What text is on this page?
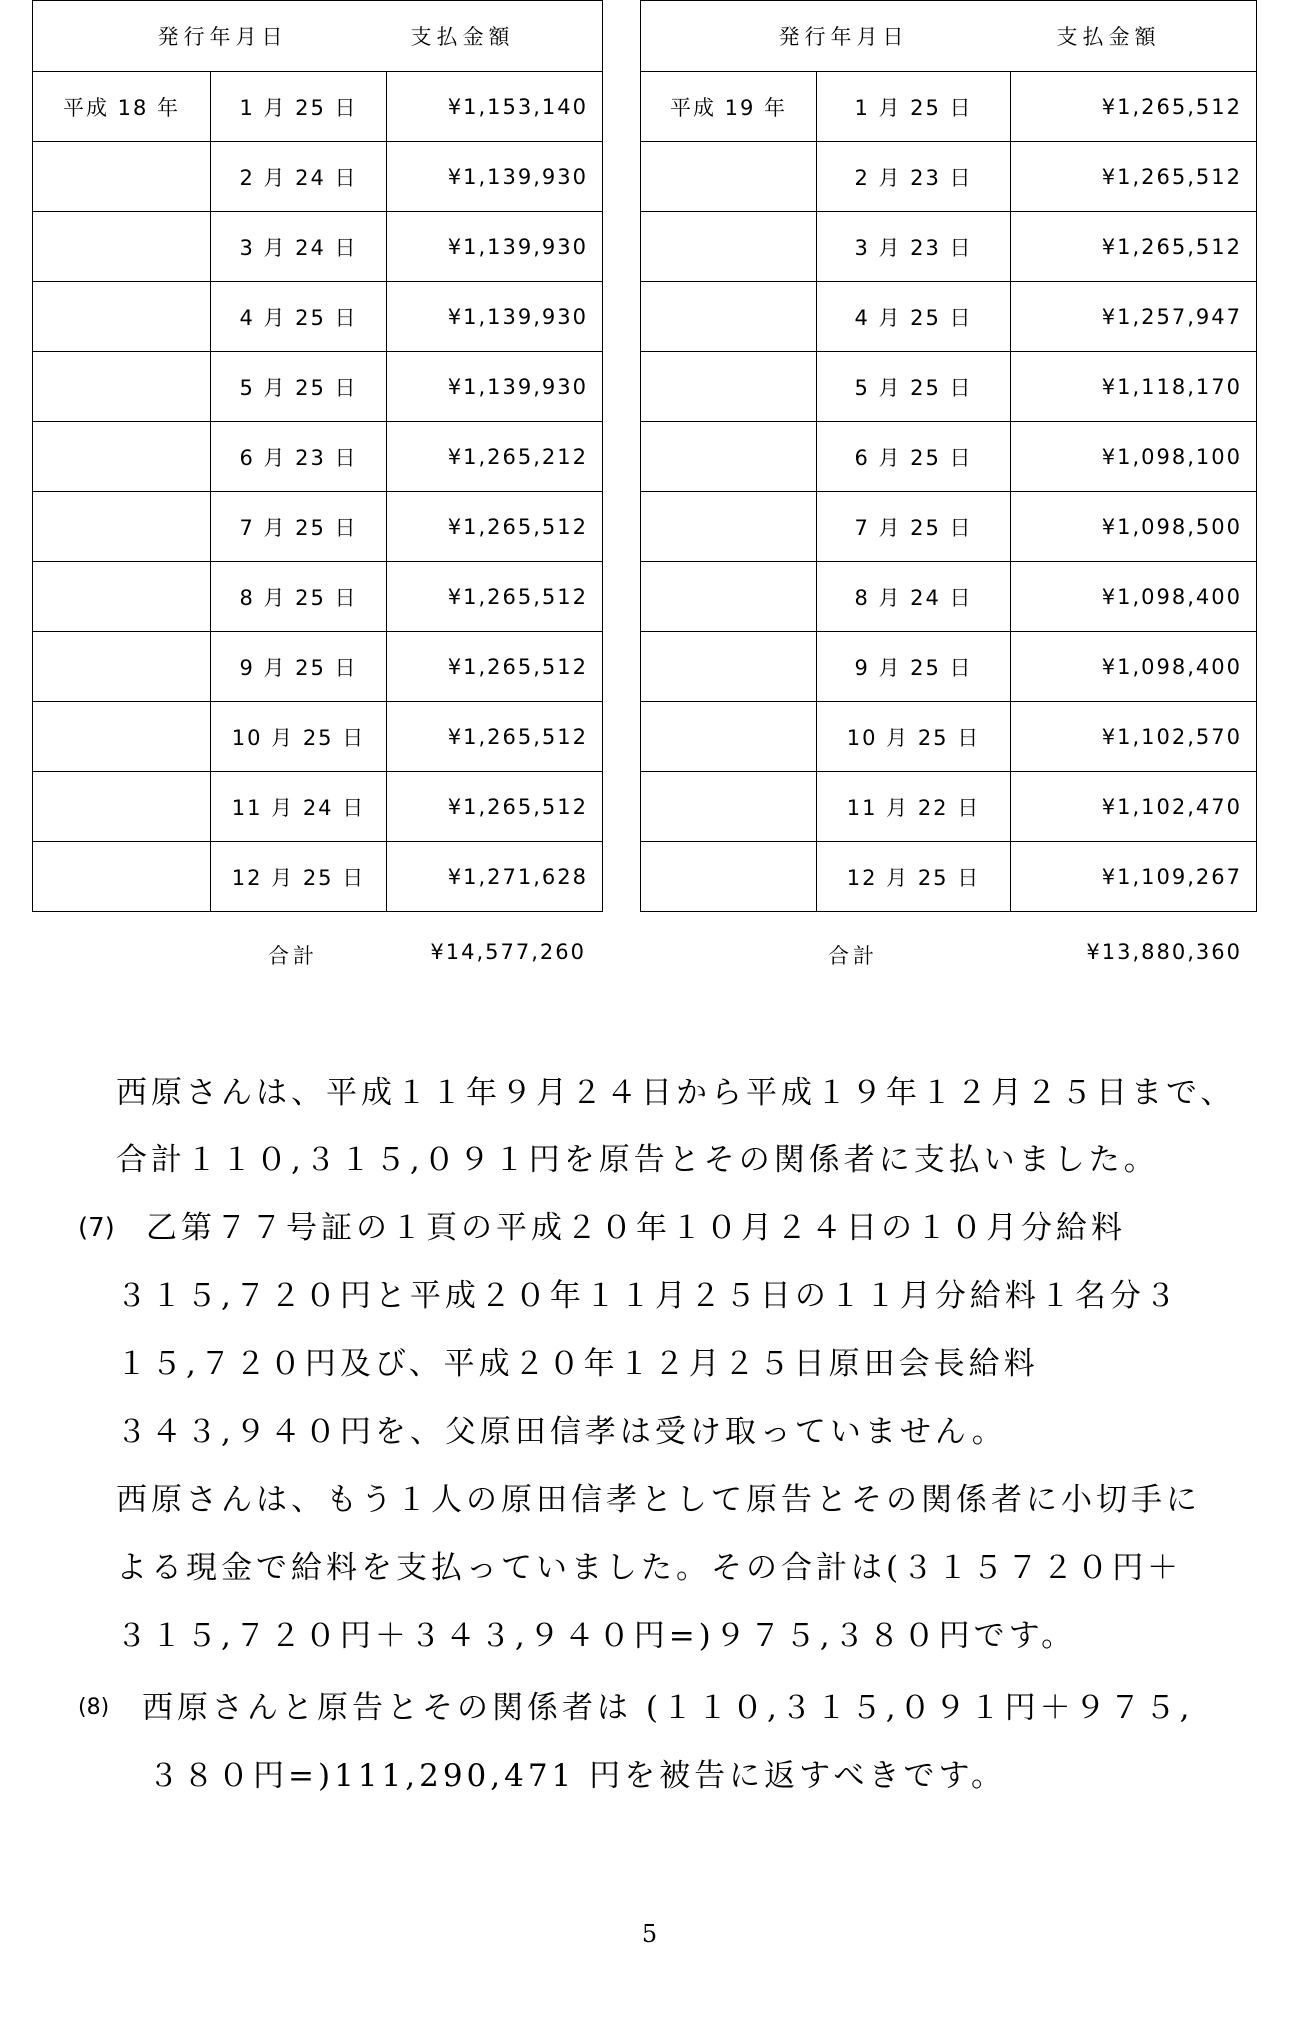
発行年月日 支払金額		
平成 18 年	1 月 25 日	¥1,153,140
	2 月 24 日	¥1,139,930
	3 月 24 日	¥1,139,930
	4 月 25 日	¥1,139,930
	5 月 25 日	¥1,139,930
	6 月 23 日	¥1,265,212
	7 月 25 日	¥1,265,512
	8 月 25 日	¥1,265,512
	9 月 25 日	¥1,265,512
	10 月 25 日	¥1,265,512
	11 月 24 日	¥1,265,512
	12 月 25 日	¥1,271,628
発行年月日 支払金額		
平成 19 年	1 月 25 日	¥1,265,512
	2 月 23 日	¥1,265,512
	3 月 23 日	¥1,265,512
	4 月 25 日	¥1,257,947
	5 月 25 日	¥1,118,170
	6 月 25 日	¥1,098,100
	7 月 25 日	¥1,098,500
	8 月 24 日	¥1,098,400
	9 月 25 日	¥1,098,400
	10 月 25 日	¥1,102,570
	11 月 22 日	¥1,102,470
	12 月 25 日	¥1,109,267
合計	¥14,577,260	合計	¥13,880,360
西原さんは、平成１１年９月２４日から平成１９年１２月２５日まで、
合計１１０,３１５,０９１円を原告とその関係者に支払いました。
(7) 乙第７７号証の１頁の平成２０年１０月２４日の１０月分給料
３１５,７２０円と平成２０年１１月２５日の１１月分給料１名分３
１５,７２０円及び、平成２０年１２月２５日原田会長給料
３４３,９４０円を、父原田信孝は受け取っていません。
西原さんは、もう１人の原田信孝として原告とその関係者に小切手に
よる現金で給料を支払っていました。その合計は(３１５７２０円＋
３１５,７２０円＋３４３,９４０円=)９７５,３８０円です。
(8) 西原さんと原告とその関係者は (１１０,３１５,０９１円＋９７５,
３８０円=)111,290,471 円を被告に返すべきです。
5
